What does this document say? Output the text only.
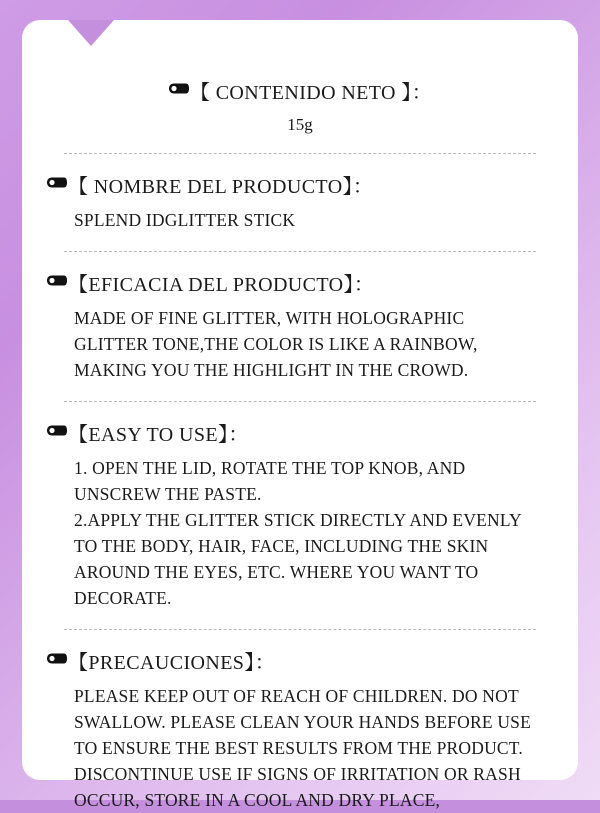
【 CONTENIDO NETO 】：
15g
【 NOMBRE DEL PRODUCTO】：
SPLEND IDGLITTER STICK
【EFICACIA DEL PRODUCTO】：
MADE OF FINE GLITTER, WITH HOLOGRAPHIC
GLITTER TONE,THE COLOR IS LIKE A RAINBOW,
MAKING YOU THE HIGHLIGHT IN THE CROWD.
【EASY TO USE】：
1. OPEN THE LID, ROTATE THE TOP KNOB, AND
UNSCREW THE PASTE.
2.APPLY THE GLITTER STICK DIRECTLY AND EVENLY
TO THE BODY, HAIR, FACE, INCLUDING THE SKIN
AROUND THE EYES, ETC. WHERE YOU WANT TO
DECORATE.
【PRECAUCIONES】：
PLEASE KEEP OUT OF REACH OF CHILDREN. DO NOT
SWALLOW. PLEASE CLEAN YOUR HANDS BEFORE USE
TO ENSURE THE BEST RESULTS FROM THE PRODUCT.
DISCONTINUE USE IF SIGNS OF IRRITATION OR RASH
OCCUR, STORE IN A COOL AND DRY PLACE,
